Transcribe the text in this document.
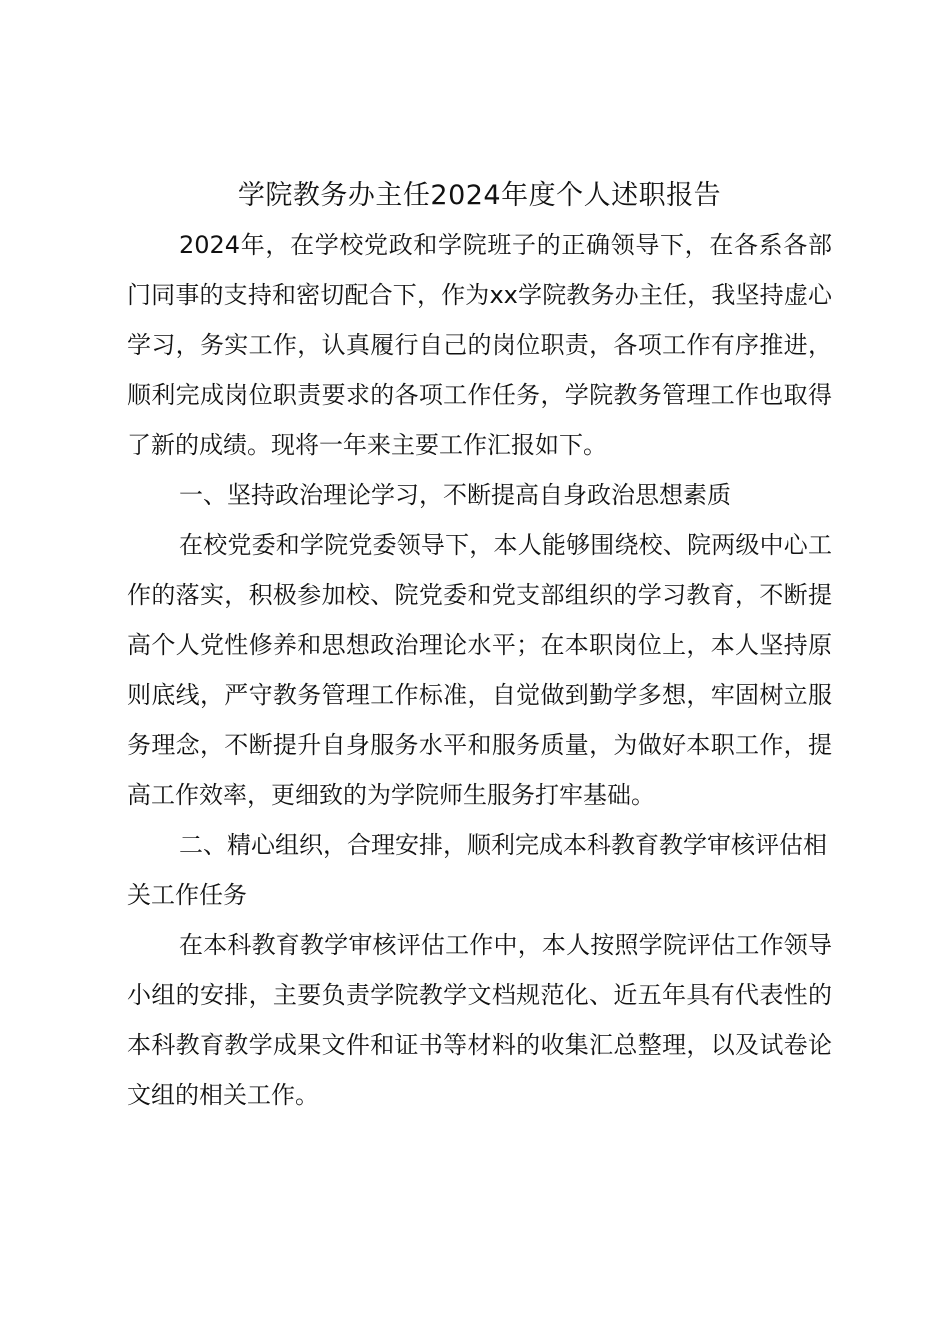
学院教务办主任2024年度个人述职报告

2024年，在学校党政和学院班子的正确领导下，在各系各部门同事的支持和密切配合下，作为xx学院教务办主任，我坚持虚心学习，务实工作，认真履行自己的岗位职责，各项工作有序推进，顺利完成岗位职责要求的各项工作任务，学院教务管理工作也取得了新的成绩。现将一年来主要工作汇报如下。

一、坚持政治理论学习，不断提高自身政治思想素质

在校党委和学院党委领导下，本人能够围绕校、院两级中心工作的落实，积极参加校、院党委和党支部组织的学习教育，不断提高个人党性修养和思想政治理论水平；在本职岗位上，本人坚持原则底线，严守教务管理工作标准，自觉做到勤学多想，牢固树立服务理念，不断提升自身服务水平和服务质量，为做好本职工作，提高工作效率，更细致的为学院师生服务打牢基础。

二、精心组织，合理安排，顺利完成本科教育教学审核评估相关工作任务

在本科教育教学审核评估工作中，本人按照学院评估工作领导小组的安排，主要负责学院教学文档规范化、近五年具有代表性的本科教育教学成果文件和证书等材料的收集汇总整理，以及试卷论文组的相关工作。
